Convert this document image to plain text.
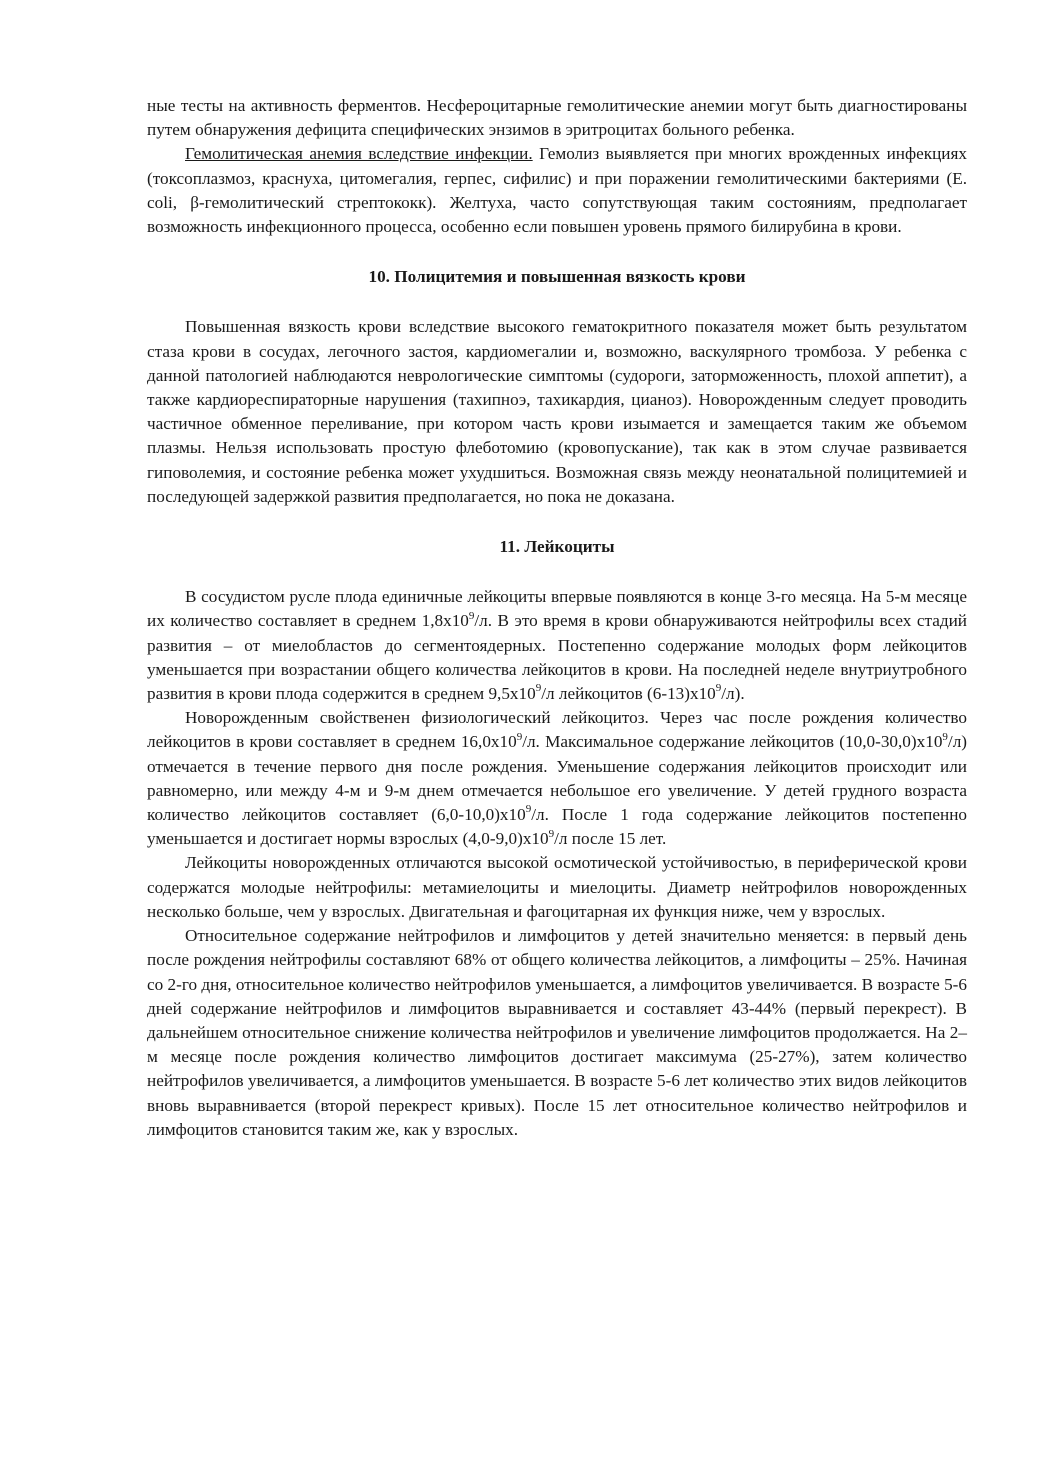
ные тесты на активность ферментов. Несфероцитарные гемолитические анемии могут быть диагностированы путем обнаружения дефицита специфических энзимов в эритроцитах больного ребенка.

Гемолитическая анемия вследствие инфекции. Гемолиз выявляется при многих врожденных инфекциях (токсоплазмоз, краснуха, цитомегалия, герпес, сифилис) и при поражении гемолитическими бактериями (E. coli, β-гемолитический стрептококк). Желтуха, часто сопутствующая таким состояниям, предполагает возможность инфекционного процесса, особенно если повышен уровень прямого билирубина в крови.

10. Полицитемия и повышенная вязкость крови

Повышенная вязкость крови вследствие высокого гематокритного показателя может быть результатом стаза крови в сосудах, легочного застоя, кардиомегалии и, возможно, васкулярного тромбоза. У ребенка с данной патологией наблюдаются неврологические симптомы (судороги, заторможенность, плохой аппетит), а также кардиореспираторные нарушения (тахипноэ, тахикардия, цианоз). Новорожденным следует проводить частичное обменное переливание, при котором часть крови изымается и замещается таким же объемом плазмы. Нельзя использовать простую флеботомию (кровопускание), так как в этом случае развивается гиповолемия, и состояние ребенка может ухудшиться. Возможная связь между неонатальной полицитемией и последующей задержкой развития предполагается, но пока не доказана.

11. Лейкоциты

В сосудистом русле плода единичные лейкоциты впервые появляются в конце 3-го месяца. На 5-м месяце их количество составляет в среднем $1,8х10^9/л$. В это время в крови обнаруживаются нейтрофилы всех стадий развития – от миелобластов до сегментоядерных. Постепенно содержание молодых форм лейкоцитов уменьшается при возрастании общего количества лейкоцитов в крови. На последней неделе внутриутробного развития в крови плода содержится в среднем $9,5х10^9/л$ лейкоцитов $(6-13)х10^9/л$).

Новорожденным свойственен физиологический лейкоцитоз. Через час после рождения количество лейкоцитов в крови составляет в среднем $16,0х10^9/л$. Максимальное содержание лейкоцитов $(10,0-30,0)х10^9/л$) отмечается в течение первого дня после рождения. Уменьшение содержания лейкоцитов происходит или равномерно, или между 4-м и 9-м днем отмечается небольшое его увеличение. У детей грудного возраста количество лейкоцитов составляет $(6,0-10,0)х10^9/л$. После 1 года содержание лейкоцитов постепенно уменьшается и достигает нормы взрослых $(4,0-9,0)х10^9/л$ после 15 лет.

Лейкоциты новорожденных отличаются высокой осмотической устойчивостью, в периферической крови содержатся молодые нейтрофилы: метамиелоциты и миелоциты. Диаметр нейтрофилов новорожденных несколько больше, чем у взрослых. Двигательная и фагоцитарная их функция ниже, чем у взрослых.

Относительное содержание нейтрофилов и лимфоцитов у детей значительно меняется: в первый день после рождения нейтрофилы составляют 68% от общего количества лейкоцитов, а лимфоциты – 25%. Начиная со 2-го дня, относительное количество нейтрофилов уменьшается, а лимфоцитов увеличивается. В возрасте 5-6 дней содержание нейтрофилов и лимфоцитов выравнивается и составляет 43-44% (первый перекрест). В дальнейшем относительное снижение количества нейтрофилов и увеличение лимфоцитов продолжается. На 2–м месяце после рождения количество лимфоцитов достигает максимума (25-27%), затем количество нейтрофилов увеличивается, а лимфоцитов уменьшается. В возрасте 5-6 лет количество этих видов лейкоцитов вновь выравнивается (второй перекрест кривых). После 15 лет относительное количество нейтрофилов и лимфоцитов становится таким же, как у взрослых.
